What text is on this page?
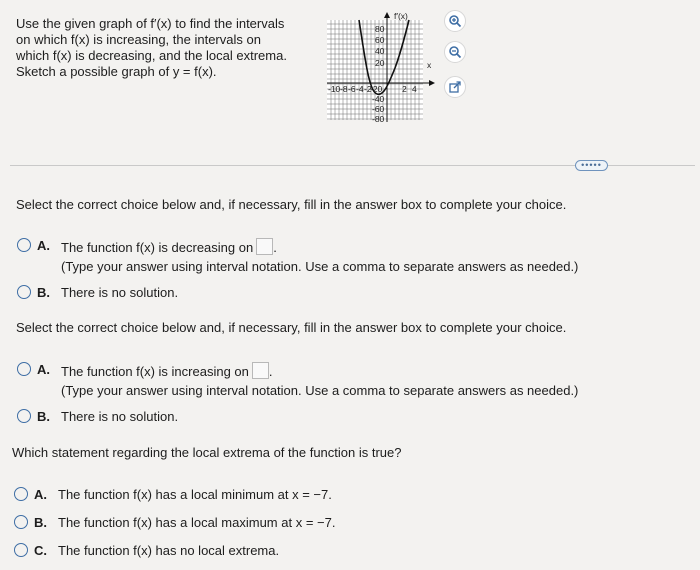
Use the given graph of f′(x) to find the intervals
on which f(x) is increasing, the intervals on
which f(x) is decreasing, and the local extrema.
Sketch a possible graph of y = f(x).
f′(x)
x
-10 -8 -6 -4 -2	2 4
80
60
40
20
-20
-40
-60
-80
•••••
Select the correct choice below and, if necessary, fill in the answer box to complete your choice.
A. The function f(x) is decreasing on .
(Type your answer using interval notation. Use a comma to separate answers as needed.)
B. There is no solution.
Select the correct choice below and, if necessary, fill in the answer box to complete your choice.
A. The function f(x) is increasing on .
(Type your answer using interval notation. Use a comma to separate answers as needed.)
B. There is no solution.
Which statement regarding the local extrema of the function is true?
A. The function f(x) has a local minimum at x = −7.
B. The function f(x) has a local maximum at x = −7.
C. The function f(x) has no local extrema.
